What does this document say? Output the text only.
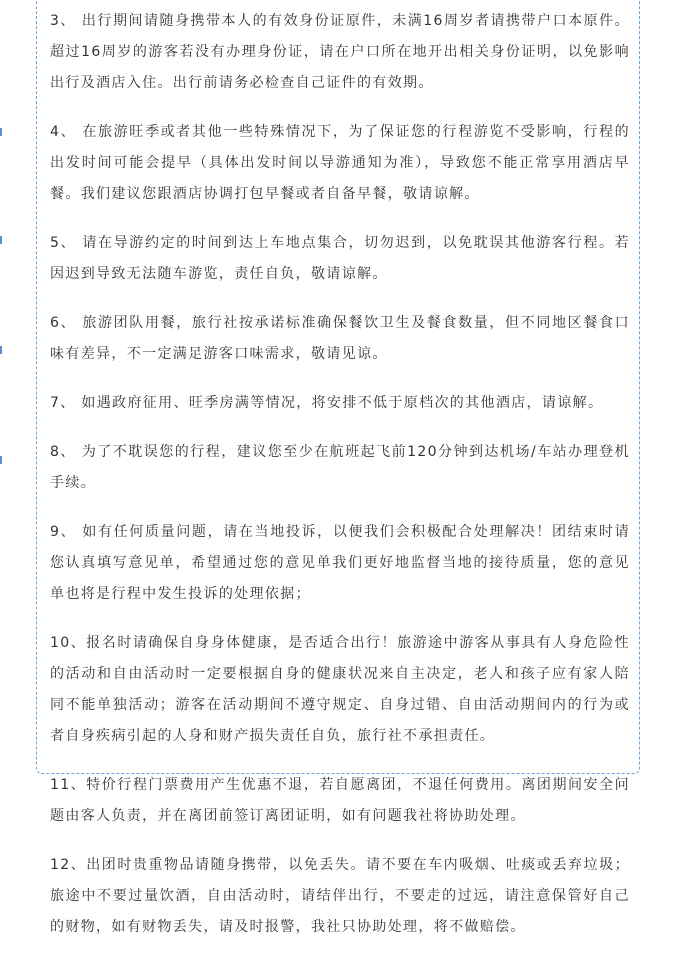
3、 出行期间请随身携带本人的有效身份证原件，未满16周岁者请携带户口本原件。超过16周岁的游客若没有办理身份证，请在户口所在地开出相关身份证明，以免影响出行及酒店入住。出行前请务必检查自己证件的有效期。
4、 在旅游旺季或者其他一些特殊情况下，为了保证您的行程游览不受影响，行程的出发时间可能会提早（具体出发时间以导游通知为准），导致您不能正常享用酒店早餐。我们建议您跟酒店协调打包早餐或者自备早餐，敬请谅解。
5、 请在导游约定的时间到达上车地点集合，切勿迟到，以免耽误其他游客行程。若因迟到导致无法随车游览，责任自负，敬请谅解。
6、 旅游团队用餐，旅行社按承诺标准确保餐饮卫生及餐食数量，但不同地区餐食口味有差异，不一定满足游客口味需求，敬请见谅。
7、 如遇政府征用、旺季房满等情况，将安排不低于原档次的其他酒店，请谅解。
8、 为了不耽误您的行程，建议您至少在航班起飞前120分钟到达机场/车站办理登机手续。
9、 如有任何质量问题，请在当地投诉，以便我们会积极配合处理解决！团结束时请您认真填写意见单，希望通过您的意见单我们更好地监督当地的接待质量，您的意见单也将是行程中发生投诉的处理依据；
10、报名时请确保自身身体健康，是否适合出行！旅游途中游客从事具有人身危险性的活动和自由活动时一定要根据自身的健康状况来自主决定，老人和孩子应有家人陪同不能单独活动；游客在活动期间不遵守规定、自身过错、自由活动期间内的行为或者自身疾病引起的人身和财产损失责任自负，旅行社不承担责任。
11、特价行程门票费用产生优惠不退，若自愿离团，不退任何费用。离团期间安全问题由客人负责，并在离团前签订离团证明，如有问题我社将协助处理。
12、出团时贵重物品请随身携带，以免丢失。请不要在车内吸烟、吐痰或丢弃垃圾；旅途中不要过量饮酒，自由活动时，请结伴出行，不要走的过远，请注意保管好自己的财物，如有财物丢失，请及时报警，我社只协助处理，将不做赔偿。
